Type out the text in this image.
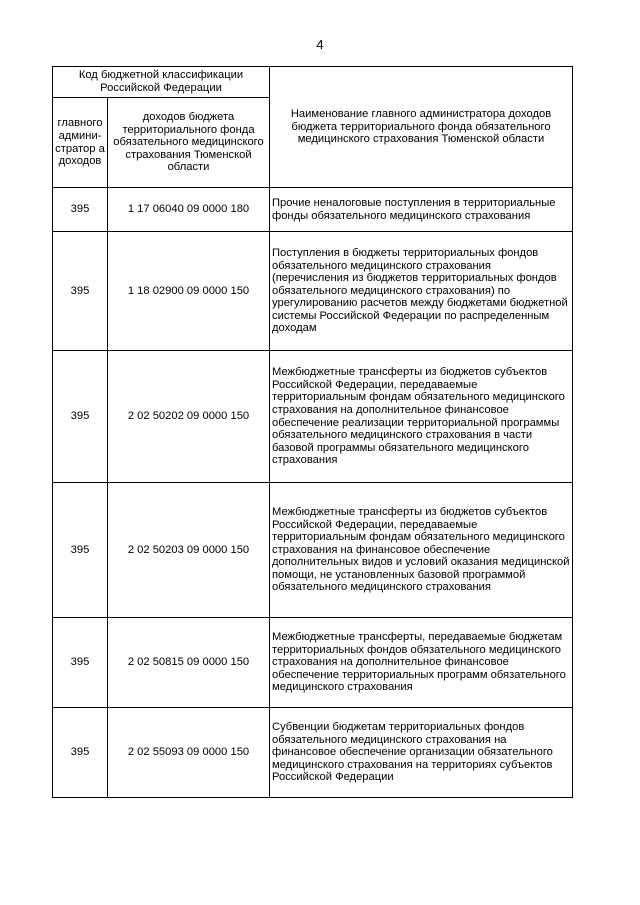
4
Код бюджетной классификации Российской Федерации		Наименование главного администратора доходов бюджета территориального фонда обязательного медицинского страхования Тюменской области
главного админи-стратор а доходов	доходов бюджета территориального фонда обязательного медицинского страхования Тюменской области	
395	1 17 06040 09 0000 180	Прочие неналоговые поступления в территориальные фонды обязательного медицинского страхования
395	1 18 02900 09 0000 150	Поступления в бюджеты территориальных фондов обязательного медицинского страхования (перечисления из бюджетов территориальных фондов обязательного медицинского страхования) по урегулированию расчетов между бюджетами бюджетной системы Российской Федерации по распределенным доходам
395	2 02 50202 09 0000 150	Межбюджетные трансферты из бюджетов субъектов Российской Федерации, передаваемые территориальным фондам обязательного медицинского страхования на дополнительное финансовое обеспечение реализации территориальной программы обязательного медицинского страхования в части базовой программы обязательного медицинского страхования
395	2 02 50203 09 0000 150	Межбюджетные трансферты из бюджетов субъектов Российской Федерации, передаваемые территориальным фондам обязательного медицинского страхования на финансовое обеспечение дополнительных видов и условий оказания медицинской помощи, не установленных базовой программой обязательного медицинского страхования
395	2 02 50815 09 0000 150	Межбюджетные трансферты, передаваемые бюджетам территориальных фондов обязательного медицинского страхования на дополнительное финансовое обеспечение территориальных программ обязательного медицинского страхования
395	2 02 55093 09 0000 150	Субвенции бюджетам территориальных фондов обязательного медицинского страхования на финансовое обеспечение организации обязательного медицинского страхования на территориях субъектов Российской Федерации
